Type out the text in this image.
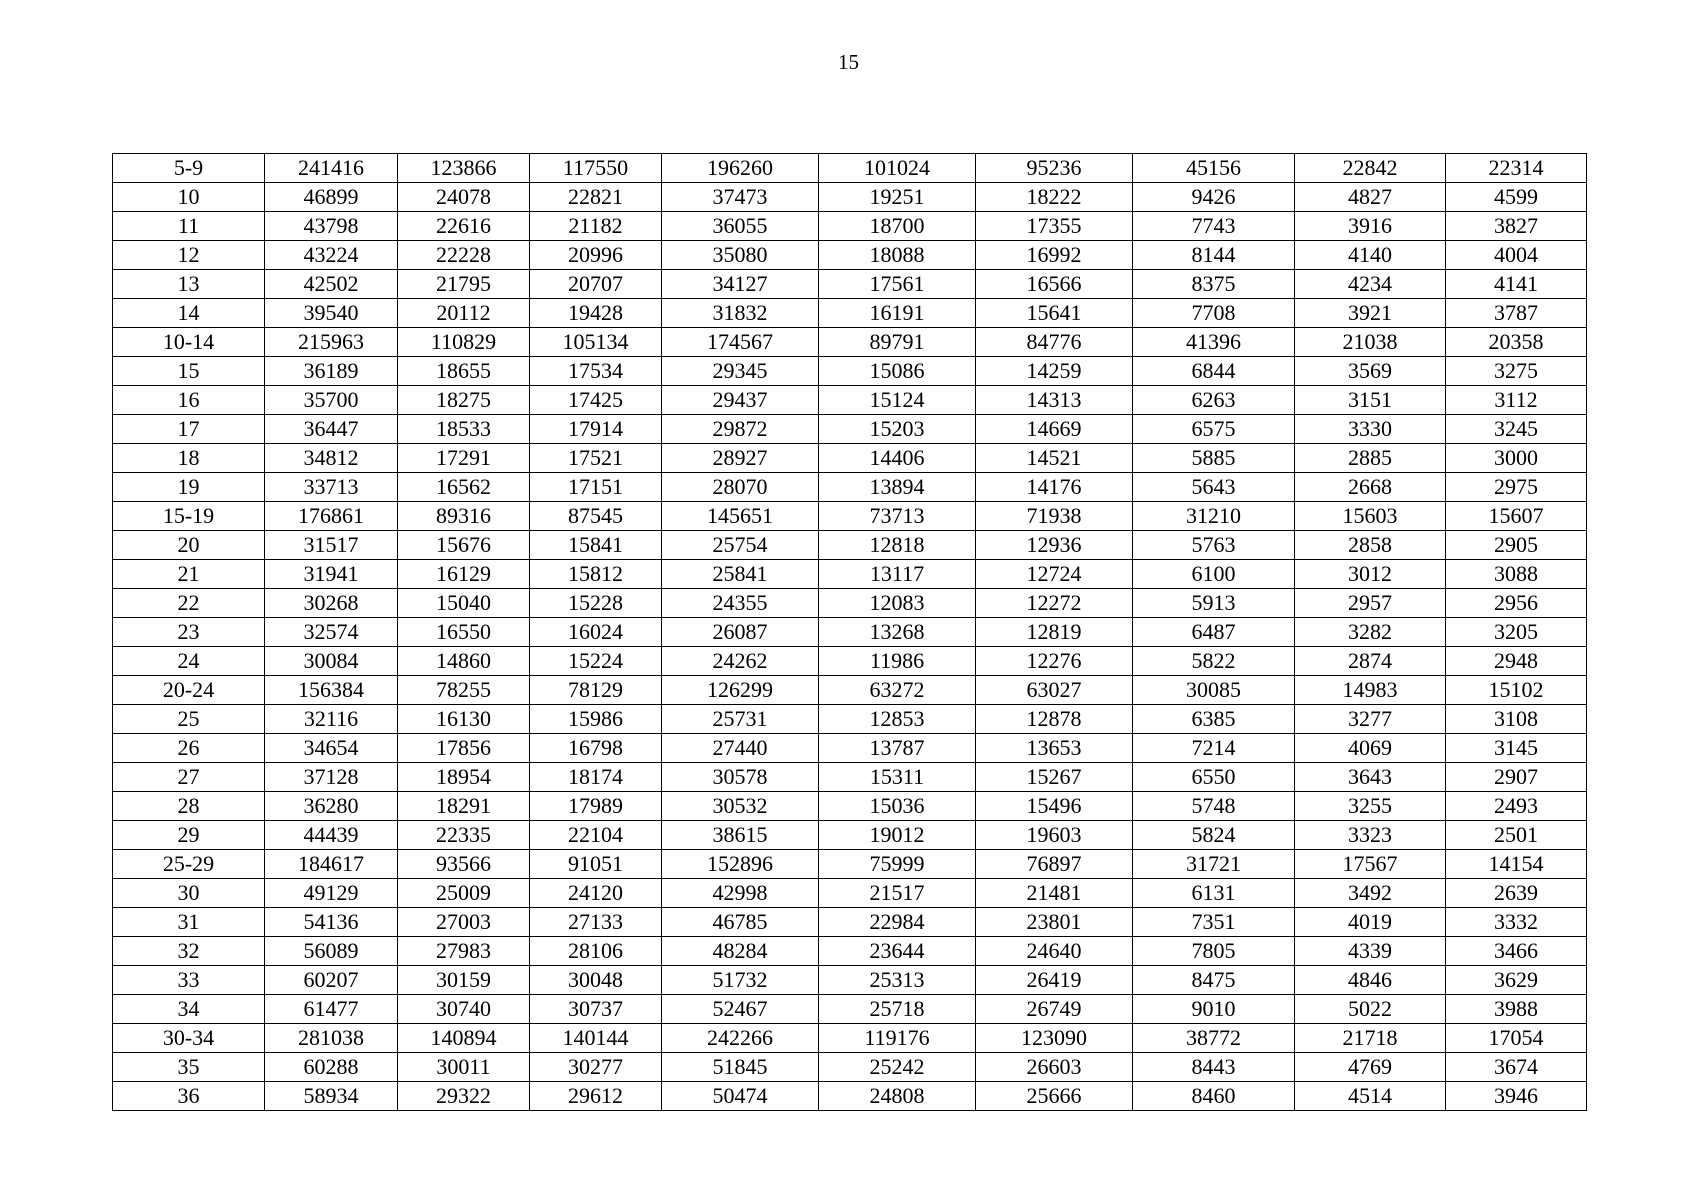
15
5-9	241416	123866	117550	196260	101024	95236	45156	22842	22314
10	46899	24078	22821	37473	19251	18222	9426	4827	4599
11	43798	22616	21182	36055	18700	17355	7743	3916	3827
12	43224	22228	20996	35080	18088	16992	8144	4140	4004
13	42502	21795	20707	34127	17561	16566	8375	4234	4141
14	39540	20112	19428	31832	16191	15641	7708	3921	3787
10-14	215963	110829	105134	174567	89791	84776	41396	21038	20358
15	36189	18655	17534	29345	15086	14259	6844	3569	3275
16	35700	18275	17425	29437	15124	14313	6263	3151	3112
17	36447	18533	17914	29872	15203	14669	6575	3330	3245
18	34812	17291	17521	28927	14406	14521	5885	2885	3000
19	33713	16562	17151	28070	13894	14176	5643	2668	2975
15-19	176861	89316	87545	145651	73713	71938	31210	15603	15607
20	31517	15676	15841	25754	12818	12936	5763	2858	2905
21	31941	16129	15812	25841	13117	12724	6100	3012	3088
22	30268	15040	15228	24355	12083	12272	5913	2957	2956
23	32574	16550	16024	26087	13268	12819	6487	3282	3205
24	30084	14860	15224	24262	11986	12276	5822	2874	2948
20-24	156384	78255	78129	126299	63272	63027	30085	14983	15102
25	32116	16130	15986	25731	12853	12878	6385	3277	3108
26	34654	17856	16798	27440	13787	13653	7214	4069	3145
27	37128	18954	18174	30578	15311	15267	6550	3643	2907
28	36280	18291	17989	30532	15036	15496	5748	3255	2493
29	44439	22335	22104	38615	19012	19603	5824	3323	2501
25-29	184617	93566	91051	152896	75999	76897	31721	17567	14154
30	49129	25009	24120	42998	21517	21481	6131	3492	2639
31	54136	27003	27133	46785	22984	23801	7351	4019	3332
32	56089	27983	28106	48284	23644	24640	7805	4339	3466
33	60207	30159	30048	51732	25313	26419	8475	4846	3629
34	61477	30740	30737	52467	25718	26749	9010	5022	3988
30-34	281038	140894	140144	242266	119176	123090	38772	21718	17054
35	60288	30011	30277	51845	25242	26603	8443	4769	3674
36	58934	29322	29612	50474	24808	25666	8460	4514	3946
